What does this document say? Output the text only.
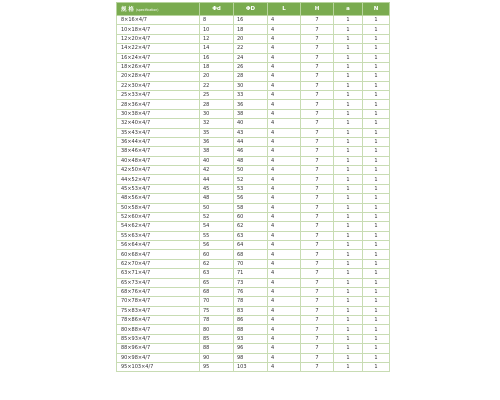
规 格 (specification)	Φd	ΦD	L	H	a	N
8×16×4/7	8	16	4	7	1	1
10×18×4/7	10	18	4	7	1	1
12×20×4/7	12	20	4	7	1	1
14×22×4/7	14	22	4	7	1	1
16×24×4/7	16	24	4	7	1	1
18×26×4/7	18	26	4	7	1	1
20×28×4/7	20	28	4	7	1	1
22×30×4/7	22	30	4	7	1	1
25×33×4/7	25	33	4	7	1	1
28×36×4/7	28	36	4	7	1	1
30×38×4/7	30	38	4	7	1	1
32×40×4/7	32	40	4	7	1	1
35×43×4/7	35	43	4	7	1	1
36×44×4/7	36	44	4	7	1	1
38×46×4/7	38	46	4	7	1	1
40×48×4/7	40	48	4	7	1	1
42×50×4/7	42	50	4	7	1	1
44×52×4/7	44	52	4	7	1	1
45×53×4/7	45	53	4	7	1	1
48×56×4/7	48	56	4	7	1	1
50×58×4/7	50	58	4	7	1	1
52×60×4/7	52	60	4	7	1	1
54×62×4/7	54	62	4	7	1	1
55×63×4/7	55	63	4	7	1	1
56×64×4/7	56	64	4	7	1	1
60×68×4/7	60	68	4	7	1	1
62×70×4/7	62	70	4	7	1	1
63×71×4/7	63	71	4	7	1	1
65×73×4/7	65	73	4	7	1	1
68×76×4/7	68	76	4	7	1	1
70×78×4/7	70	78	4	7	1	1
75×83×4/7	75	83	4	7	1	1
78×86×4/7	78	86	4	7	1	1
80×88×4/7	80	88	4	7	1	1
85×93×4/7	85	93	4	7	1	1
88×96×4/7	88	96	4	7	1	1
90×98×4/7	90	98	4	7	1	1
95×103×4/7	95	103	4	7	1	1
